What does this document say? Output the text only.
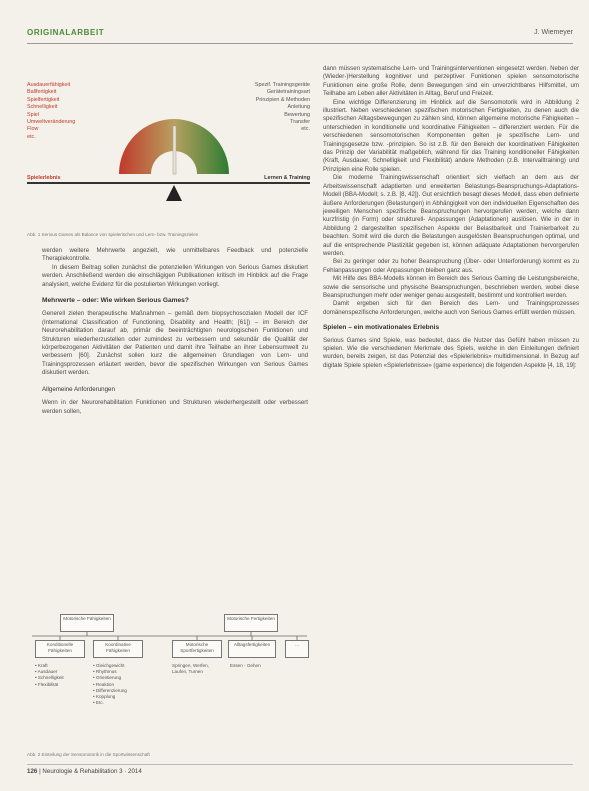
ORIGINALARBEIT	J. Wiemeyer
Ausdauerfähigkeit
Ballfertigkeit
Spielfertigkeit
Schnelligkeit
Spiel
Umweltveränderung
Flow
etc.
Spezif. Trainingsgeräte
Gerätetrainingsart
Prinzipien & Methoden
Anleitung
Bewertung
Transfer
etc.
Spielerlebnis	Lernen & Training
Abb. 1 Serious Games als Balance von spielerischen und Lern- bzw. Trainingszielen

werden weitere Mehrwerte angezielt, wie unmittelbares Feedback und potenzielle Therapiekontrolle.

In diesem Beitrag sollen zunächst die potenziellen Wirkungen von Serious Games diskutiert werden. Anschließend werden die einschlägigen Publikationen kritisch im Hinblick auf die Frage analysiert, welche Evidenz für die postulierten Wirkungen vorliegt.

Mehrwerte – oder: Wie wirken Serious Games?

Generell zielen therapeutische Maßnahmen – gemäß dem biopsychosozialen Modell der ICF (International Classification of Functioning, Disability and Health; [61]) – im Bereich der Neurorehabilitation darauf ab, primär die beeinträchtigten neurologischen Funktionen und Strukturen wiederherzustellen oder zumindest zu verbessern und sekundär die Qualität der körperbezogenen Aktivitäten der Patienten und damit ihre Teilhabe an ihrer Lebensumwelt zu verbessern [60]. Zunächst sollen kurz die allgemeinen Grundlagen von Lern- und Trainingsprozessen erläutert werden, bevor die spezifischen Wirkungen von Serious Games diskutiert werden.

Allgemeine Anforderungen

Wenn in der Neurorehabilitation Funktionen und Strukturen wiederhergestellt oder verbessert werden sollen,

dann müssen systematische Lern- und Trainingsinterventionen eingesetzt werden. Neben der (Wieder-)Herstellung kognitiver und perzeptiver Funktionen spielen sensomotorische Funktionen eine große Rolle, denn Bewegungen sind ein unverzichtbares Hilfsmittel, um Teilhabe am Leben aller Aktivitäten in Alltag, Beruf und Freizeit.

Eine wichtige Differenzierung im Hinblick auf die Sensomotorik wird in Abbildung 2 illustriert. Neben verschiedenen spezifischen motorischen Fertigkeiten, zu denen auch die spezifischen Alltagsbewegungen zu zählen sind, können allgemeine motorische Fähigkeiten – unterschieden in konditionelle und koordinative Fähigkeiten – differenziert werden. Für die verschiedenen sensomotorischen Komponenten gelten je spezifische Lern- und Trainingsgesetze bzw. -prinzipien. So ist z.B. für den Bereich der koordinativen Fähigkeiten das Prinzip der Variabilität maßgeblich, während für das Training konditioneller Fähigkeiten (Kraft, Ausdauer, Schnelligkeit und Flexibilität) andere Methoden (z.B. Intervalltraining) und Prinzipien eine Rolle spielen.

Die moderne Trainingswissenschaft orientiert sich vielfach an dem aus der Arbeitswissenschaft adaptierten und erweiterten Belastungs-Beanspruchungs-Adaptations-Modell (BBA-Modell; s. z.B. [8, 42]). Gut ersichtlich besagt dieses Modell, dass eben definierte äußere Anforderungen (Belastungen) in Abhängigkeit von den individuellen Eigenschaften des jeweiligen Menschen spezifische Beanspruchungen hervorgerufen werden, welche dann kurzfristig (in Form) oder strukturell- Anpassungen (Adaptationen) auslösen. Wie in der in Abbildung 2 dargestellten spezifischen Aspekte der Belastbarkeit und Trainierbarkeit zu beachten. Somit wird die durch die Belastungen ausgelösten Beanspruchungen optimal, und auf die entsprechende Plastizität gegeben ist, können adäquate Adaptationen hervorgerufen werden.

Bei zu geringer oder zu hoher Beanspruchung (Über- oder Unterforderung) kommt es zu Fehlanpassungen oder Anpassungen bleiben ganz aus.

Mit Hilfe des BBA-Modells können im Bereich des Serious Gaming die Leistungsbereiche, sowie die sensorische und physische Beanspruchungen, beschrieben werden, wobei diese Beanspruchungen mehr oder weniger genau ausgestellt, bestimmt und kontrolliert werden.

Damit ergeben sich für den Bereich des Lern- und Trainingsprozesses domänenspezifische Anforderungen, welche auch von Serious Games erfüllt werden müssen.

Spielen – ein motivationales Erlebnis

Serious Games sind Spiele, was bedeutet, dass die Nutzer das Gefühl haben müssen zu spielen. Wie die verschiedenen Merkmale des Spiels, welche in den Einleitungen definiert wurden, bereits zeigen, ist das Potenzial des «Spielerlebnis» multidimensional. In Bezug auf digitale Spiele spielen «Spielerlebnisse» (game experience) die folgenden Aspekte [4, 18, 19]:

Motorische Fähigkeiten	Motorische Fertigkeiten
Konditionelle Fähigkeiten
Koordinative Fähigkeiten
Motorische Sportfertigkeiten
Alltagsfertigkeiten	...
• Kraft
• Ausdauer
• Schnelligkeit
• Flexibilität
• Gleichgewicht
• Rhythmus
• Orientierung
• Reaktion
• Differenzierung
• Kopplung
• Etc.
Springen, Werfen, Laufen, Turnen
Essen - Gehen
Abb. 2 Einteilung der Sensomotorik in die Sportwissenschaft
126 | Neurologie & Rehabilitation 3 · 2014
